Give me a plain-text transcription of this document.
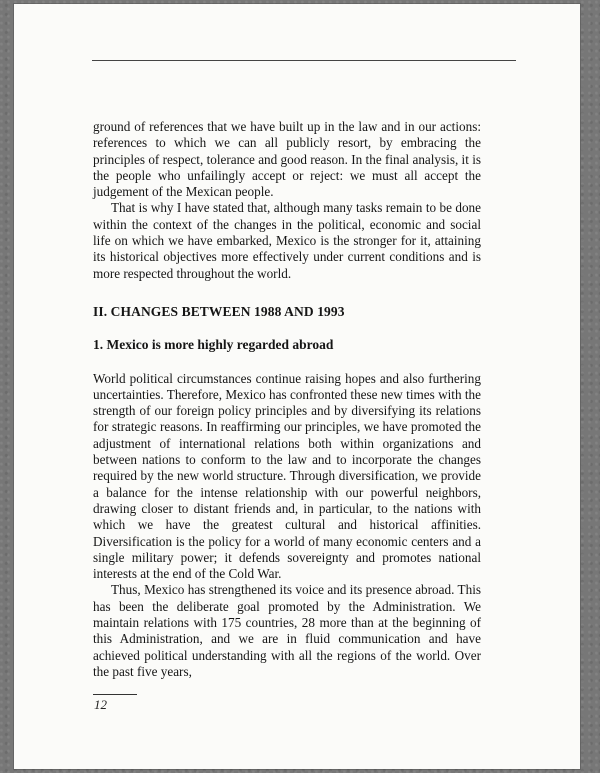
ground of references that we have built up in the law and in our actions: references to which we can all publicly resort, by embracing the principles of respect, tolerance and good reason. In the final analysis, it is the people who unfailingly accept or reject: we must all accept the judgement of the Mexican people.

That is why I have stated that, although many tasks remain to be done within the context of the changes in the political, economic and social life on which we have embarked, Mexico is the stronger for it, attaining its historical objectives more effectively under current conditions and is more respected throughout the world.

II. CHANGES BETWEEN 1988 AND 1993
1. Mexico is more highly regarded abroad

World political circumstances continue raising hopes and also furthering uncertainties. Therefore, Mexico has confronted these new times with the strength of our foreign policy principles and by diversifying its relations for strategic reasons. In reaffirming our principles, we have promoted the adjustment of international relations both within organizations and between nations to conform to the law and to incorporate the changes required by the new world structure. Through diversification, we provide a balance for the intense relationship with our powerful neighbors, drawing closer to distant friends and, in particular, to the nations with which we have the greatest cultural and historical affinities. Diversification is the policy for a world of many economic centers and a single military power; it defends sovereignty and promotes national interests at the end of the Cold War.

Thus, Mexico has strengthened its voice and its presence abroad. This has been the deliberate goal promoted by the Administration. We maintain relations with 175 countries, 28 more than at the beginning of this Administration, and we are in fluid communication and have achieved political understanding with all the regions of the world. Over the past five years,

12
